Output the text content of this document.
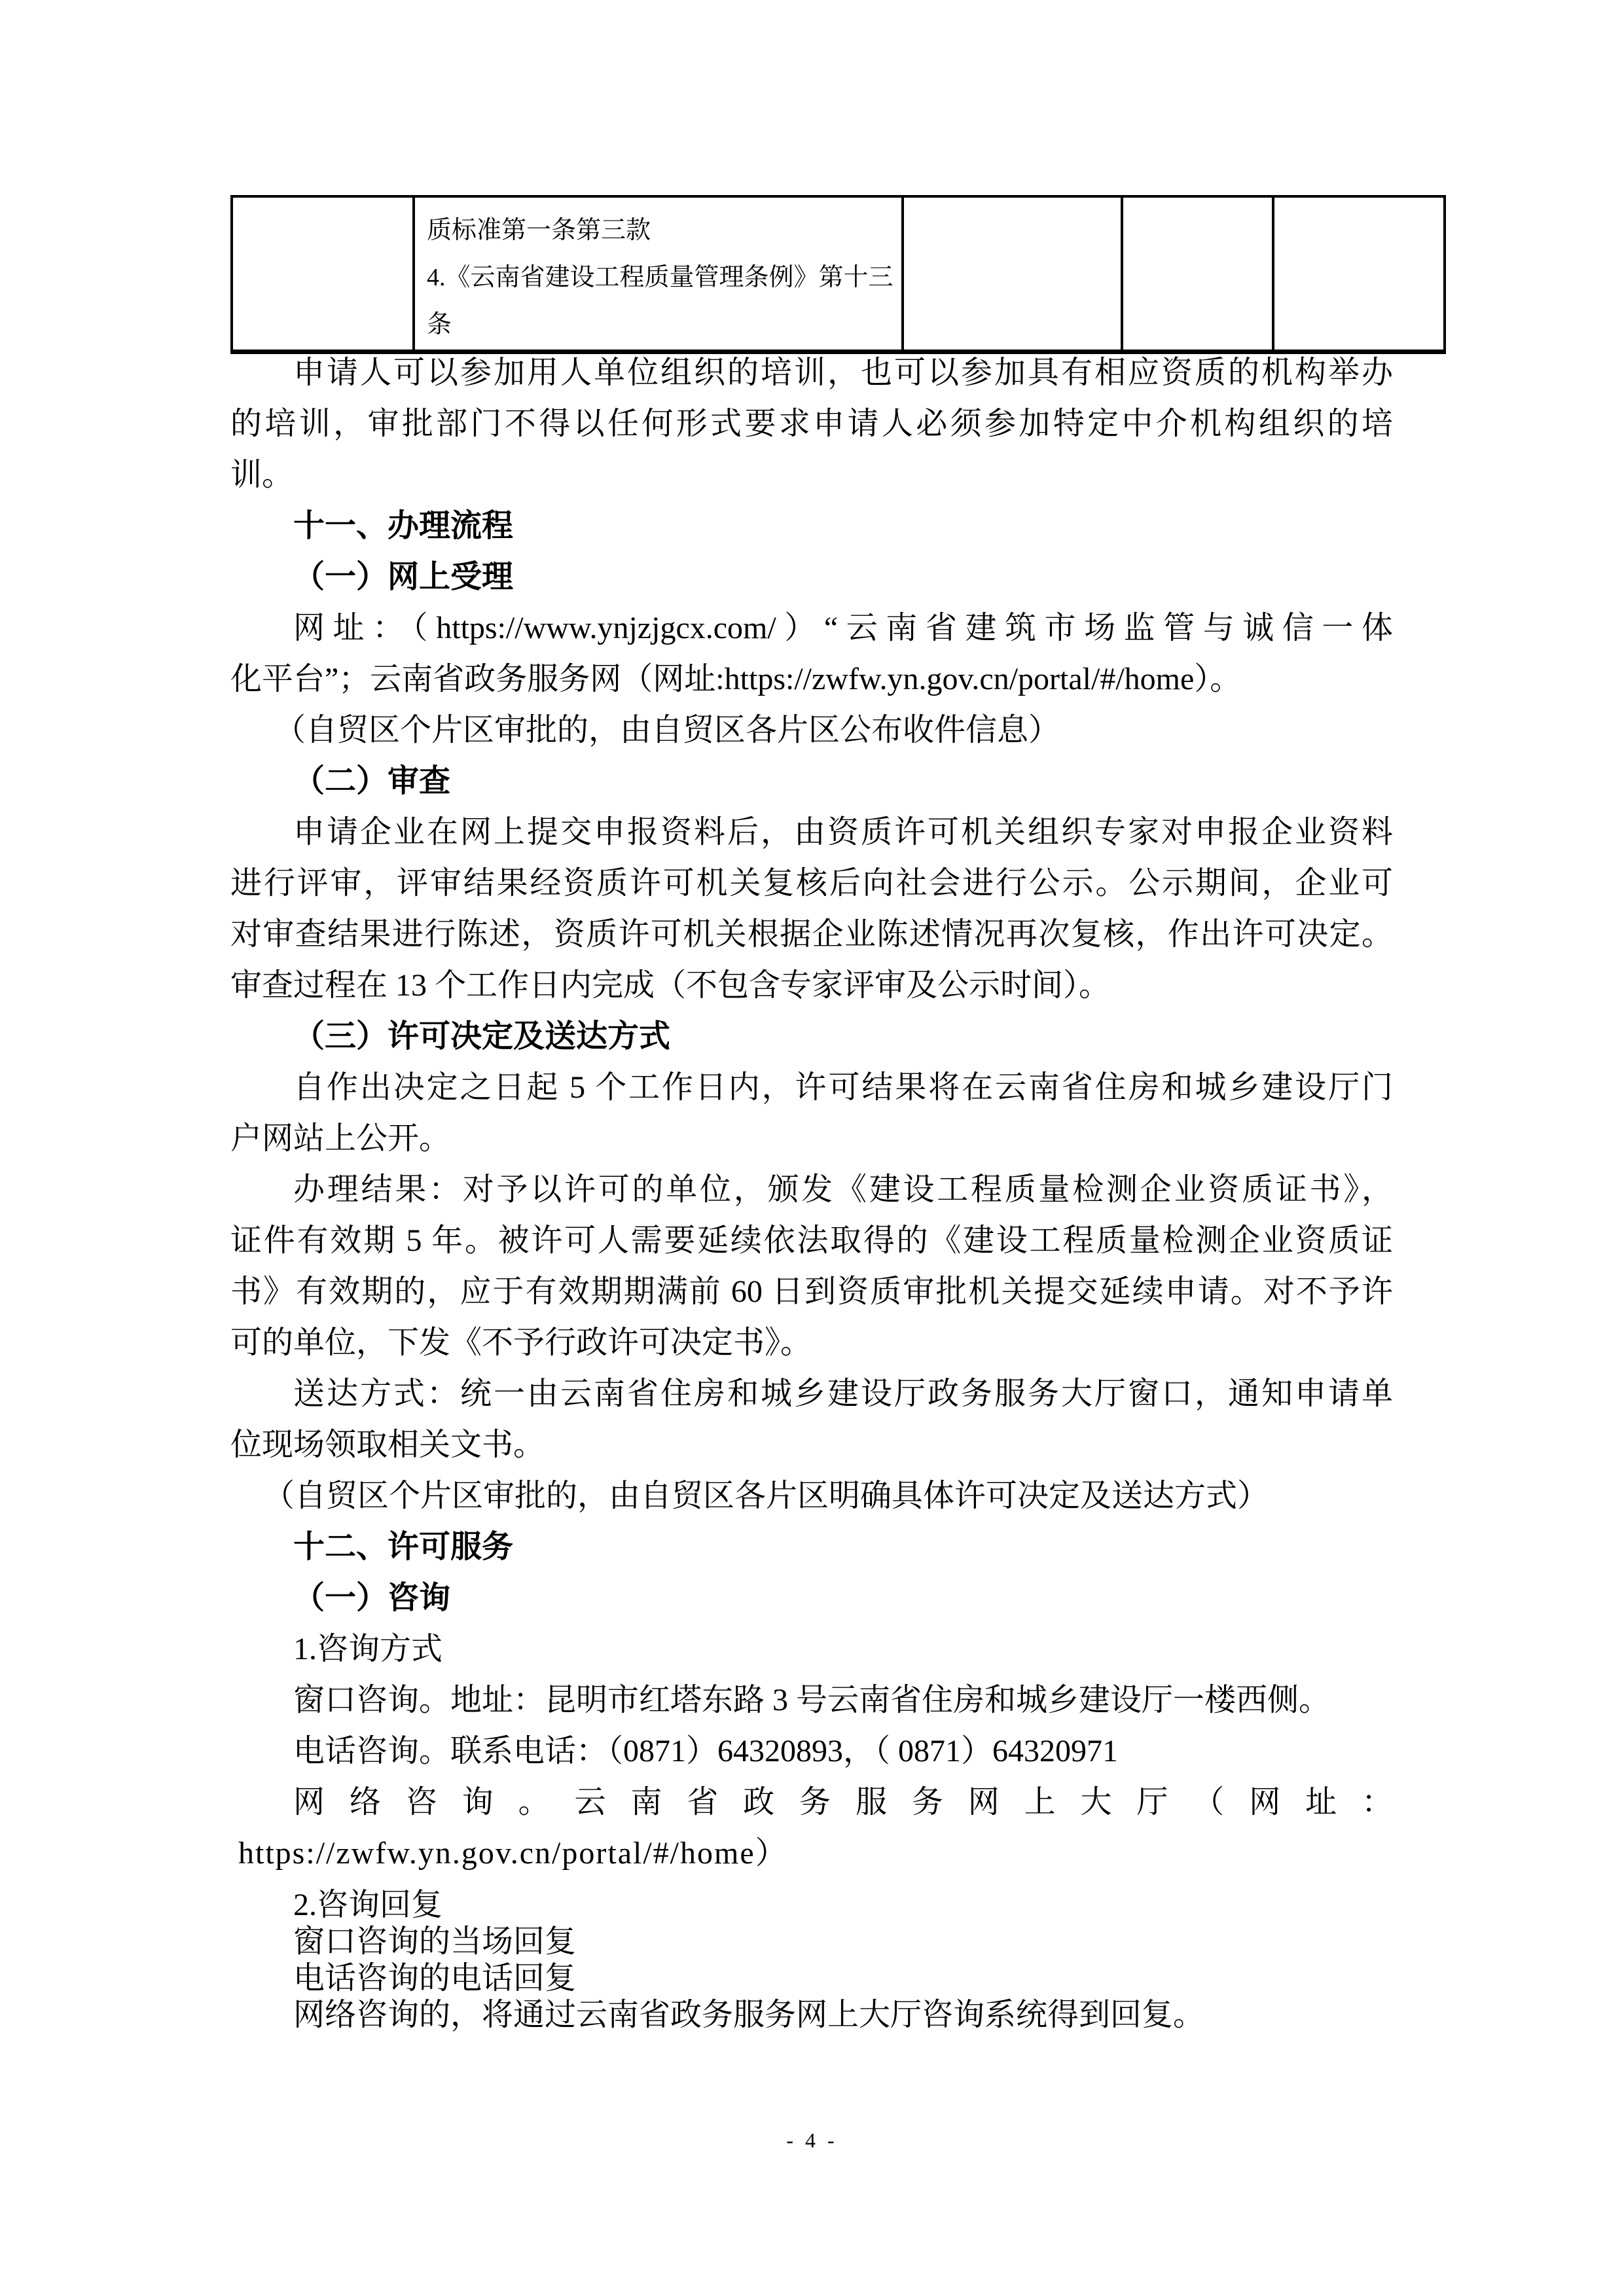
质标准第一条第三款
4.《云南省建设工程质量管理条例》第十三
条

申请人可以参加用人单位组织的培训，也可以参加具有相应资质的机构举办
的培训，审批部门不得以任何形式要求申请人必须参加特定中介机构组织的培
训。
十一、办理流程
（一）网上受理
网址：（https://www.ynjzjgcx.com/）“云南省建筑市场监管与诚信一体
化平台”；云南省政务服务网（网址:https://zwfw.yn.gov.cn/portal/#/home）。
（自贸区个片区审批的，由自贸区各片区公布收件信息）
（二）审查
申请企业在网上提交申报资料后，由资质许可机关组织专家对申报企业资料
进行评审，评审结果经资质许可机关复核后向社会进行公示。公示期间，企业可
对审查结果进行陈述，资质许可机关根据企业陈述情况再次复核，作出许可决定。
审查过程在 13 个工作日内完成（不包含专家评审及公示时间）。
（三）许可决定及送达方式
自作出决定之日起 5 个工作日内，许可结果将在云南省住房和城乡建设厅门
户网站上公开。
办理结果：对予以许可的单位，颁发《建设工程质量检测企业资质证书》，
证件有效期 5 年。被许可人需要延续依法取得的《建设工程质量检测企业资质证
书》有效期的，应于有效期期满前 60 日到资质审批机关提交延续申请。对不予许
可的单位，下发《不予行政许可决定书》。
送达方式：统一由云南省住房和城乡建设厅政务服务大厅窗口，通知申请单
位现场领取相关文书。
（自贸区个片区审批的，由自贸区各片区明确具体许可决定及送达方式）
十二、许可服务
（一）咨询
1.咨询方式
窗口咨询。地址：昆明市红塔东路 3 号云南省住房和城乡建设厅一楼西侧。
电话咨询。联系电话：（0871）64320893，（ 0871）64320971
网络咨询。云南省政务服务网上大厅（网址：
https://zwfw.yn.gov.cn/portal/#/home）
2.咨询回复
窗口咨询的当场回复
电话咨询的电话回复
网络咨询的，将通过云南省政务服务网上大厅咨询系统得到回复。
- 4 -
